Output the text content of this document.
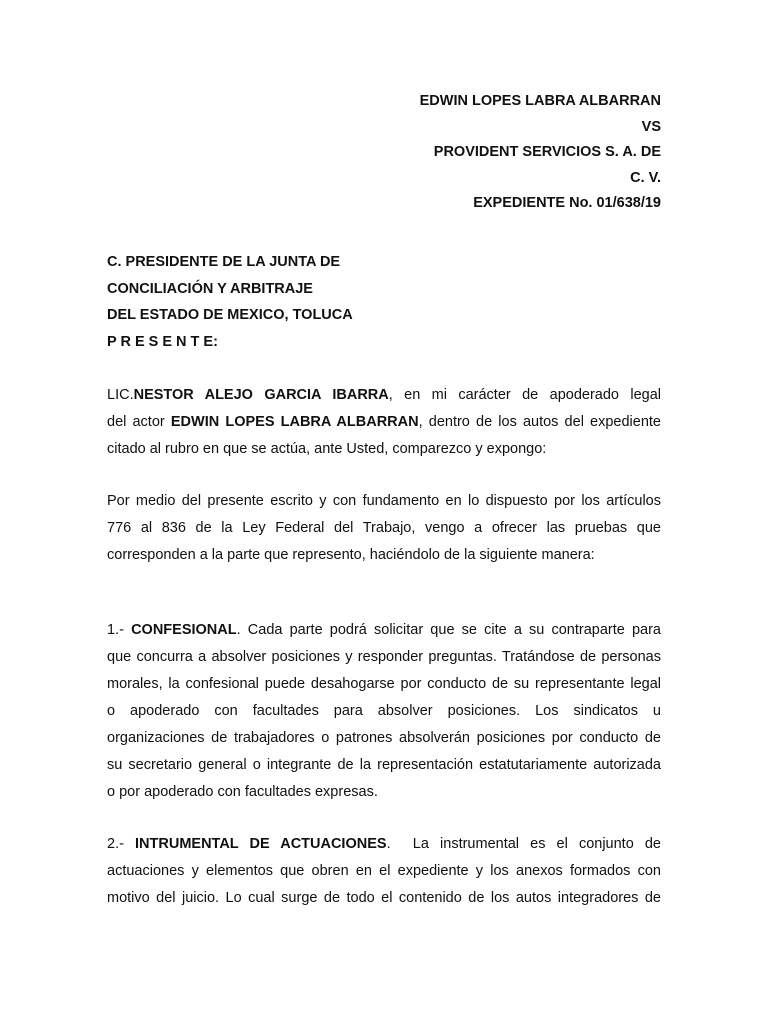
EDWIN LOPES LABRA ALBARRAN
VS
PROVIDENT SERVICIOS S. A. DE
C. V.
EXPEDIENTE No. 01/638/19
C. PRESIDENTE DE LA JUNTA DE
CONCILIACIÓN Y ARBITRAJE
DEL ESTADO DE MEXICO, TOLUCA
P R E S E N T E:
LIC.NESTOR ALEJO GARCIA IBARRA, en mi carácter de apoderado legal
del actor EDWIN LOPES LABRA ALBARRAN, dentro de los autos del expediente
citado al rubro en que se actúa, ante Usted, comparezco y expongo:
Por medio del presente escrito y con fundamento en lo dispuesto por los artículos
776 al 836 de la Ley Federal del Trabajo, vengo a ofrecer las pruebas que
corresponden a la parte que represento, haciéndolo de la siguiente manera:
1.- CONFESIONAL. Cada parte podrá solicitar que se cite a su contraparte para
que concurra a absolver posiciones y responder preguntas. Tratándose de personas
morales, la confesional puede desahogarse por conducto de su representante legal
o apoderado con facultades para absolver posiciones. Los sindicatos u
organizaciones de trabajadores o patrones absolverán posiciones por conducto de
su secretario general o integrante de la representación estatutariamente autorizada
o por apoderado con facultades expresas.
2.- INTRUMENTAL DE ACTUACIONES.  La instrumental es el conjunto de
actuaciones y elementos que obren en el expediente y los anexos formados con
motivo del juicio. Lo cual surge de todo el contenido de los autos integradores de
